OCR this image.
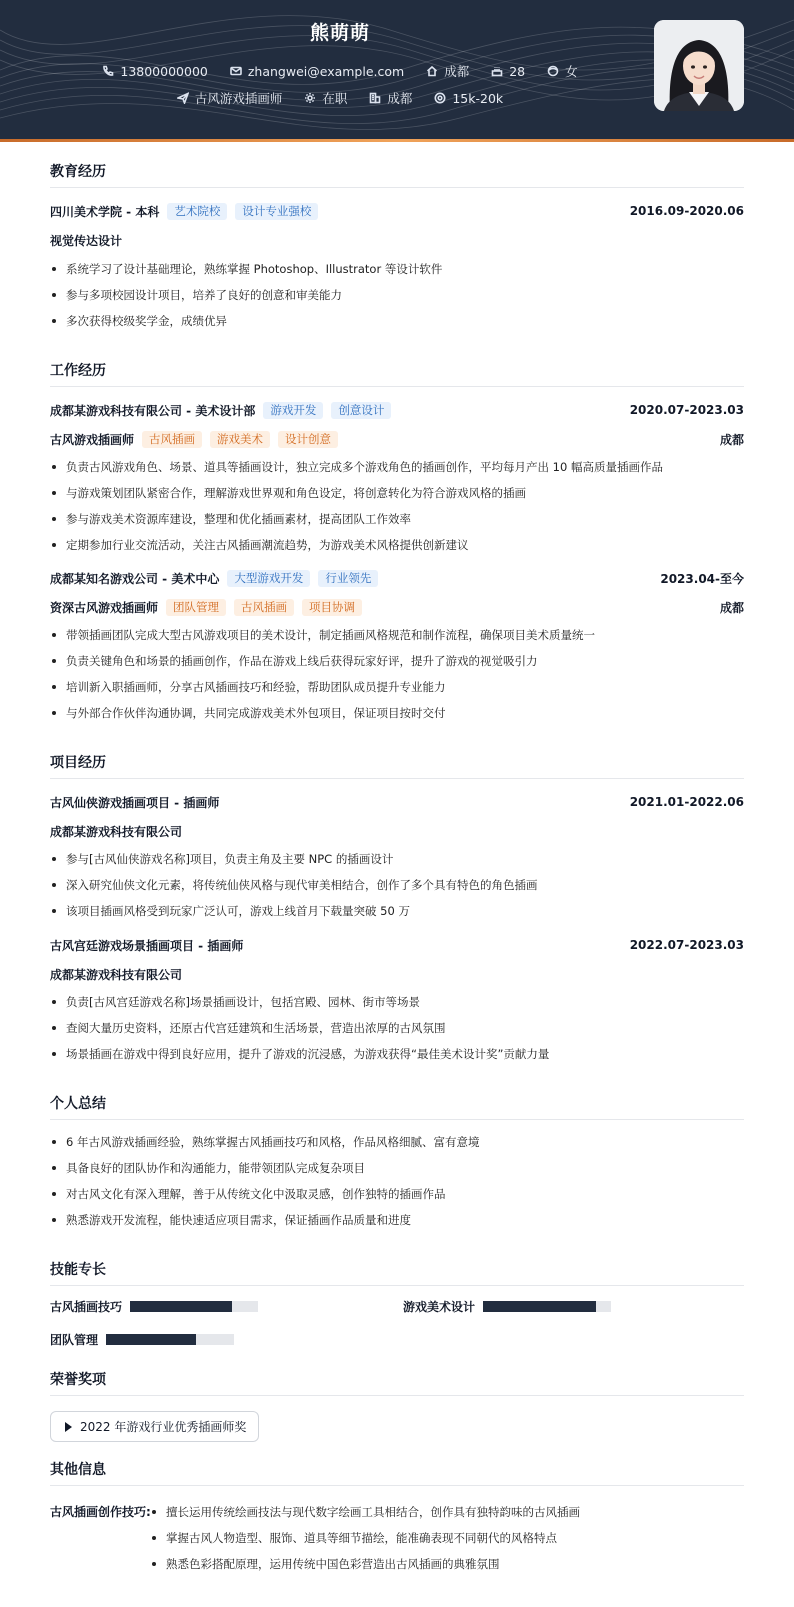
熊萌萌
13800000000
	zhangwei@example.com
	成都
	28
	女
古风游戏插画师
	在职
	成都
	15k-20k
教育经历
四川美术学院 - 本科	艺术院校	设计专业强校	2016.09-2020.06
视觉传达设计
系统学习了设计基础理论，熟练掌握 Photoshop、Illustrator 等设计软件
参与多项校园设计项目，培养了良好的创意和审美能力
多次获得校级奖学金，成绩优异
工作经历
成都某游戏科技有限公司 - 美术设计部	游戏开发	创意设计	2020.07-2023.03
古风游戏插画师	古风插画	游戏美术	设计创意	成都
负责古风游戏角色、场景、道具等插画设计，独立完成多个游戏角色的插画创作，平均每月产出 10 幅高质量插画作品
与游戏策划团队紧密合作，理解游戏世界观和角色设定，将创意转化为符合游戏风格的插画
参与游戏美术资源库建设，整理和优化插画素材，提高团队工作效率
定期参加行业交流活动，关注古风插画潮流趋势，为游戏美术风格提供创新建议
成都某知名游戏公司 - 美术中心	大型游戏开发	行业领先	2023.04-至今
资深古风游戏插画师	团队管理	古风插画	项目协调	成都
带领插画团队完成大型古风游戏项目的美术设计，制定插画风格规范和制作流程，确保项目美术质量统一
负责关键角色和场景的插画创作，作品在游戏上线后获得玩家好评，提升了游戏的视觉吸引力
培训新入职插画师，分享古风插画技巧和经验，帮助团队成员提升专业能力
与外部合作伙伴沟通协调，共同完成游戏美术外包项目，保证项目按时交付
项目经历
古风仙侠游戏插画项目 - 插画师	2021.01-2022.06
成都某游戏科技有限公司
参与[古风仙侠游戏名称]项目，负责主角及主要 NPC 的插画设计
深入研究仙侠文化元素，将传统仙侠风格与现代审美相结合，创作了多个具有特色的角色插画
该项目插画风格受到玩家广泛认可，游戏上线首月下载量突破 50 万
古风宫廷游戏场景插画项目 - 插画师	2022.07-2023.03
成都某游戏科技有限公司
负责[古风宫廷游戏名称]场景插画设计，包括宫殿、园林、街市等场景
查阅大量历史资料，还原古代宫廷建筑和生活场景，营造出浓厚的古风氛围
场景插画在游戏中得到良好应用，提升了游戏的沉浸感，为游戏获得“最佳美术设计奖”贡献力量
个人总结
6 年古风游戏插画经验，熟练掌握古风插画技巧和风格，作品风格细腻、富有意境
具备良好的团队协作和沟通能力，能带领团队完成复杂项目
对古风文化有深入理解，善于从传统文化中汲取灵感，创作独特的插画作品
熟悉游戏开发流程，能快速适应项目需求，保证插画作品质量和进度
技能专长
古风插画技巧	游戏美术设计
团队管理
荣誉奖项
2022 年游戏行业优秀插画师奖
其他信息
古风插画创作技巧:	擅长运用传统绘画技法与现代数字绘画工具相结合，创作具有独特韵味的古风插画
掌握古风人物造型、服饰、道具等细节描绘，能准确表现不同朝代的风格特点
熟悉色彩搭配原理，运用传统中国色彩营造出古风插画的典雅氛围
